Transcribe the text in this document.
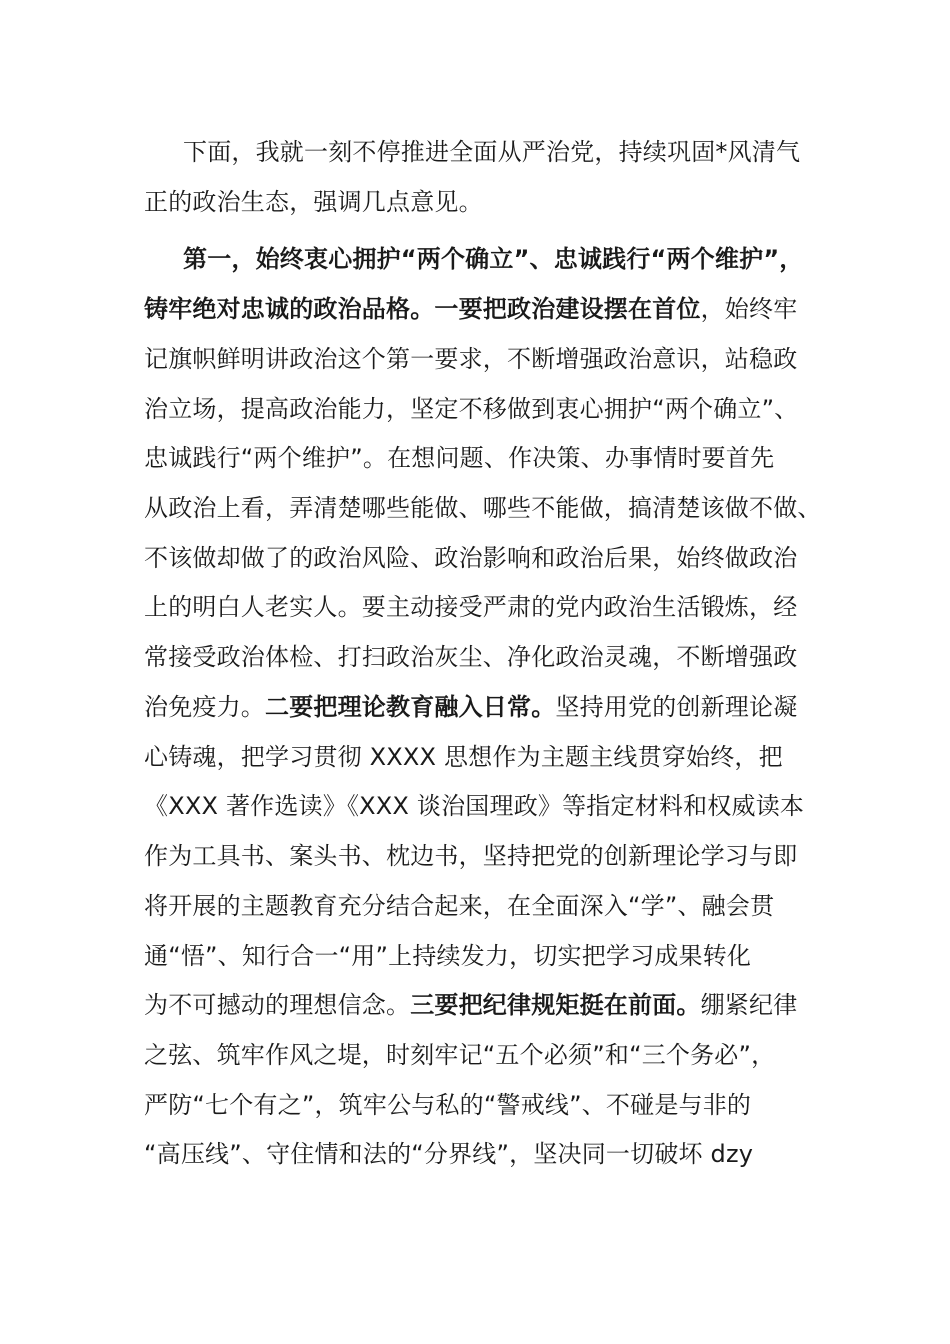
下面，我就一刻不停推进全面从严治党，持续巩固*风清气
正的政治生态，强调几点意见。
第一，始终衷心拥护“两个确立”、忠诚践行“两个维护”，
铸牢绝对忠诚的政治品格。一要把政治建设摆在首位，始终牢
记旗帜鲜明讲政治这个第一要求，不断增强政治意识，站稳政
治立场，提高政治能力，坚定不移做到衷心拥护“两个确立”、
忠诚践行“两个维护”。在想问题、作决策、办事情时要首先
从政治上看，弄清楚哪些能做、哪些不能做，搞清楚该做不做、
不该做却做了的政治风险、政治影响和政治后果，始终做政治
上的明白人老实人。要主动接受严肃的党内政治生活锻炼，经
常接受政治体检、打扫政治灰尘、净化政治灵魂，不断增强政
治免疫力。二要把理论教育融入日常。坚持用党的创新理论凝
心铸魂，把学习贯彻 XXXX 思想作为主题主线贯穿始终，把
《XXX 著作选读》《XXX 谈治国理政》等指定材料和权威读本
作为工具书、案头书、枕边书，坚持把党的创新理论学习与即
将开展的主题教育充分结合起来，在全面深入“学”、融会贯
通“悟”、知行合一“用”上持续发力，切实把学习成果转化
为不可撼动的理想信念。三要把纪律规矩挺在前面。绷紧纪律
之弦、筑牢作风之堤，时刻牢记“五个必须”和“三个务必”，
严防“七个有之”，筑牢公与私的“警戒线”、不碰是与非的
“高压线”、守住情和法的“分界线”，坚决同一切破坏 dzy
